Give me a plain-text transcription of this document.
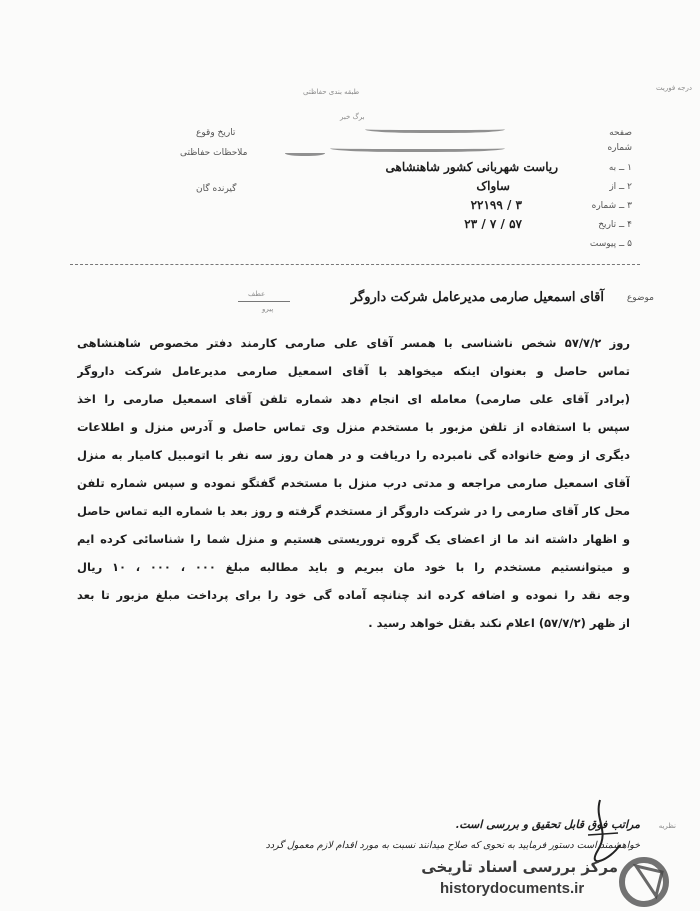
درجه فوریت
طبقه بندی حفاظتی
برگ خبر
صفحه
شماره
تاریخ وقوع
ملاحظات حفاظتی
گیرنده گان
۱ ــ به
ریاست شهربانی کشور شاهنشاهی
۲ ــ از
ساواک
۳ ــ شماره
۳ / ۲۲۱۹۹
۴ ــ تاریخ
۵۷ / ۷ / ۲۳
۵ ــ پیوست
موضوع
آقای اسمعیل صارمی مدیرعامل شرکت داروگر
عطف
پیرو
روز ۵۷/۷/۲ شخص ناشناسی با همسر آقای علی صارمی کارمند دفتر مخصوص شاهنشاهی
تماس حاصل و بعنوان اینکه میخواهد با آقای اسمعیل صارمی مدیرعامل شرکت داروگر
(برادر آقای علی صارمی) معامله ای انجام دهد شماره تلفن آقای اسمعیل صارمی را اخذ
سپس با استفاده از تلفن مزبور با مستخدم منزل وی تماس حاصل و آدرس منزل و اطلاعات
دیگری از وضع خانواده گی نامبرده را دریافت و در همان روز سه نفر با اتومبیل کامیار به منزل
آقای اسمعیل صارمی مراجعه و مدتی درب منزل با مستخدم گفتگو نموده و سپس شماره تلفن
محل کار آقای صارمی را در شرکت داروگر از مستخدم گرفته و روز بعد با شماره الیه تماس حاصل
و اظهار داشته اند ما از اعضای یک گروه تروریستی هستیم و منزل شما را شناسائی کرده ایم
و میتوانستیم مستخدم را با خود مان ببریم و باید مطالبه مبلغ ۰۰۰ ، ۰۰۰ ، ۱۰ ریال
وجه نقد را نموده و اضافه کرده اند چنانچه آماده گی خود را برای پرداخت مبلغ مزبور تا بعد
از ظهر (۵۷/۷/۲) اعلام نکند بقتل خواهد رسید .
نظریه
مراتب فوق قابل تحقیق و بررسی است.
خواهشمند است دستور فرمایید به نحوی که صلاح میدانند نسبت به مورد اقدام لازم معمول گردد
مرکز بررسی اسناد تاریخی
historydocuments.ir
